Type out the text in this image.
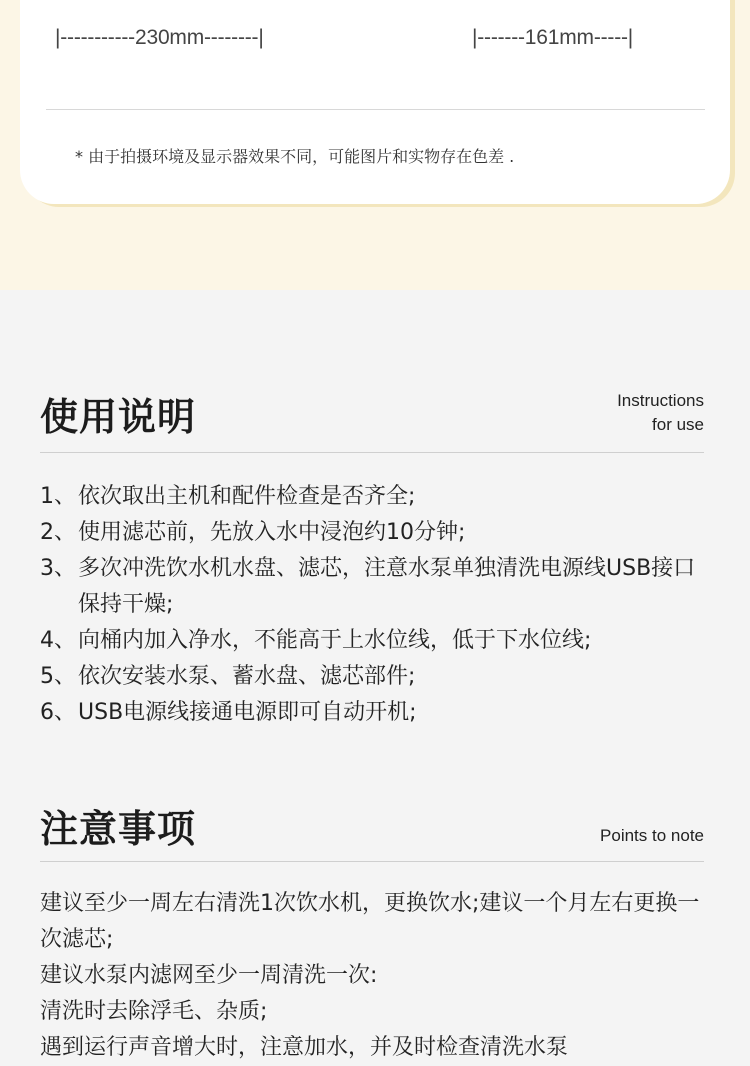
|-----------230mm--------|	|-------161mm-----|
* 由于拍摄环境及显示器效果不同，可能图片和实物存在色差 .
使用说明	Instructions
for use
1、 依次取出主机和配件检查是否齐全;
2、 使用滤芯前，先放入水中浸泡约10分钟;
3、 多次冲洗饮水机水盘、滤芯，注意水泵单独清洗电源线USB接口保持干燥;
4、 向桶内加入净水，不能高于上水位线，低于下水位线;
5、 依次安装水泵、蓄水盘、滤芯部件;
6、 USB电源线接通电源即可自动开机;
注意事项	Points to note
建议至少一周左右清洗1次饮水机，更换饮水;建议一个月左右更换一次滤芯;
建议水泵内滤网至少一周清洗一次:
清洗时去除浮毛、杂质;
遇到运行声音增大时，注意加水，并及时检查清洗水泵
